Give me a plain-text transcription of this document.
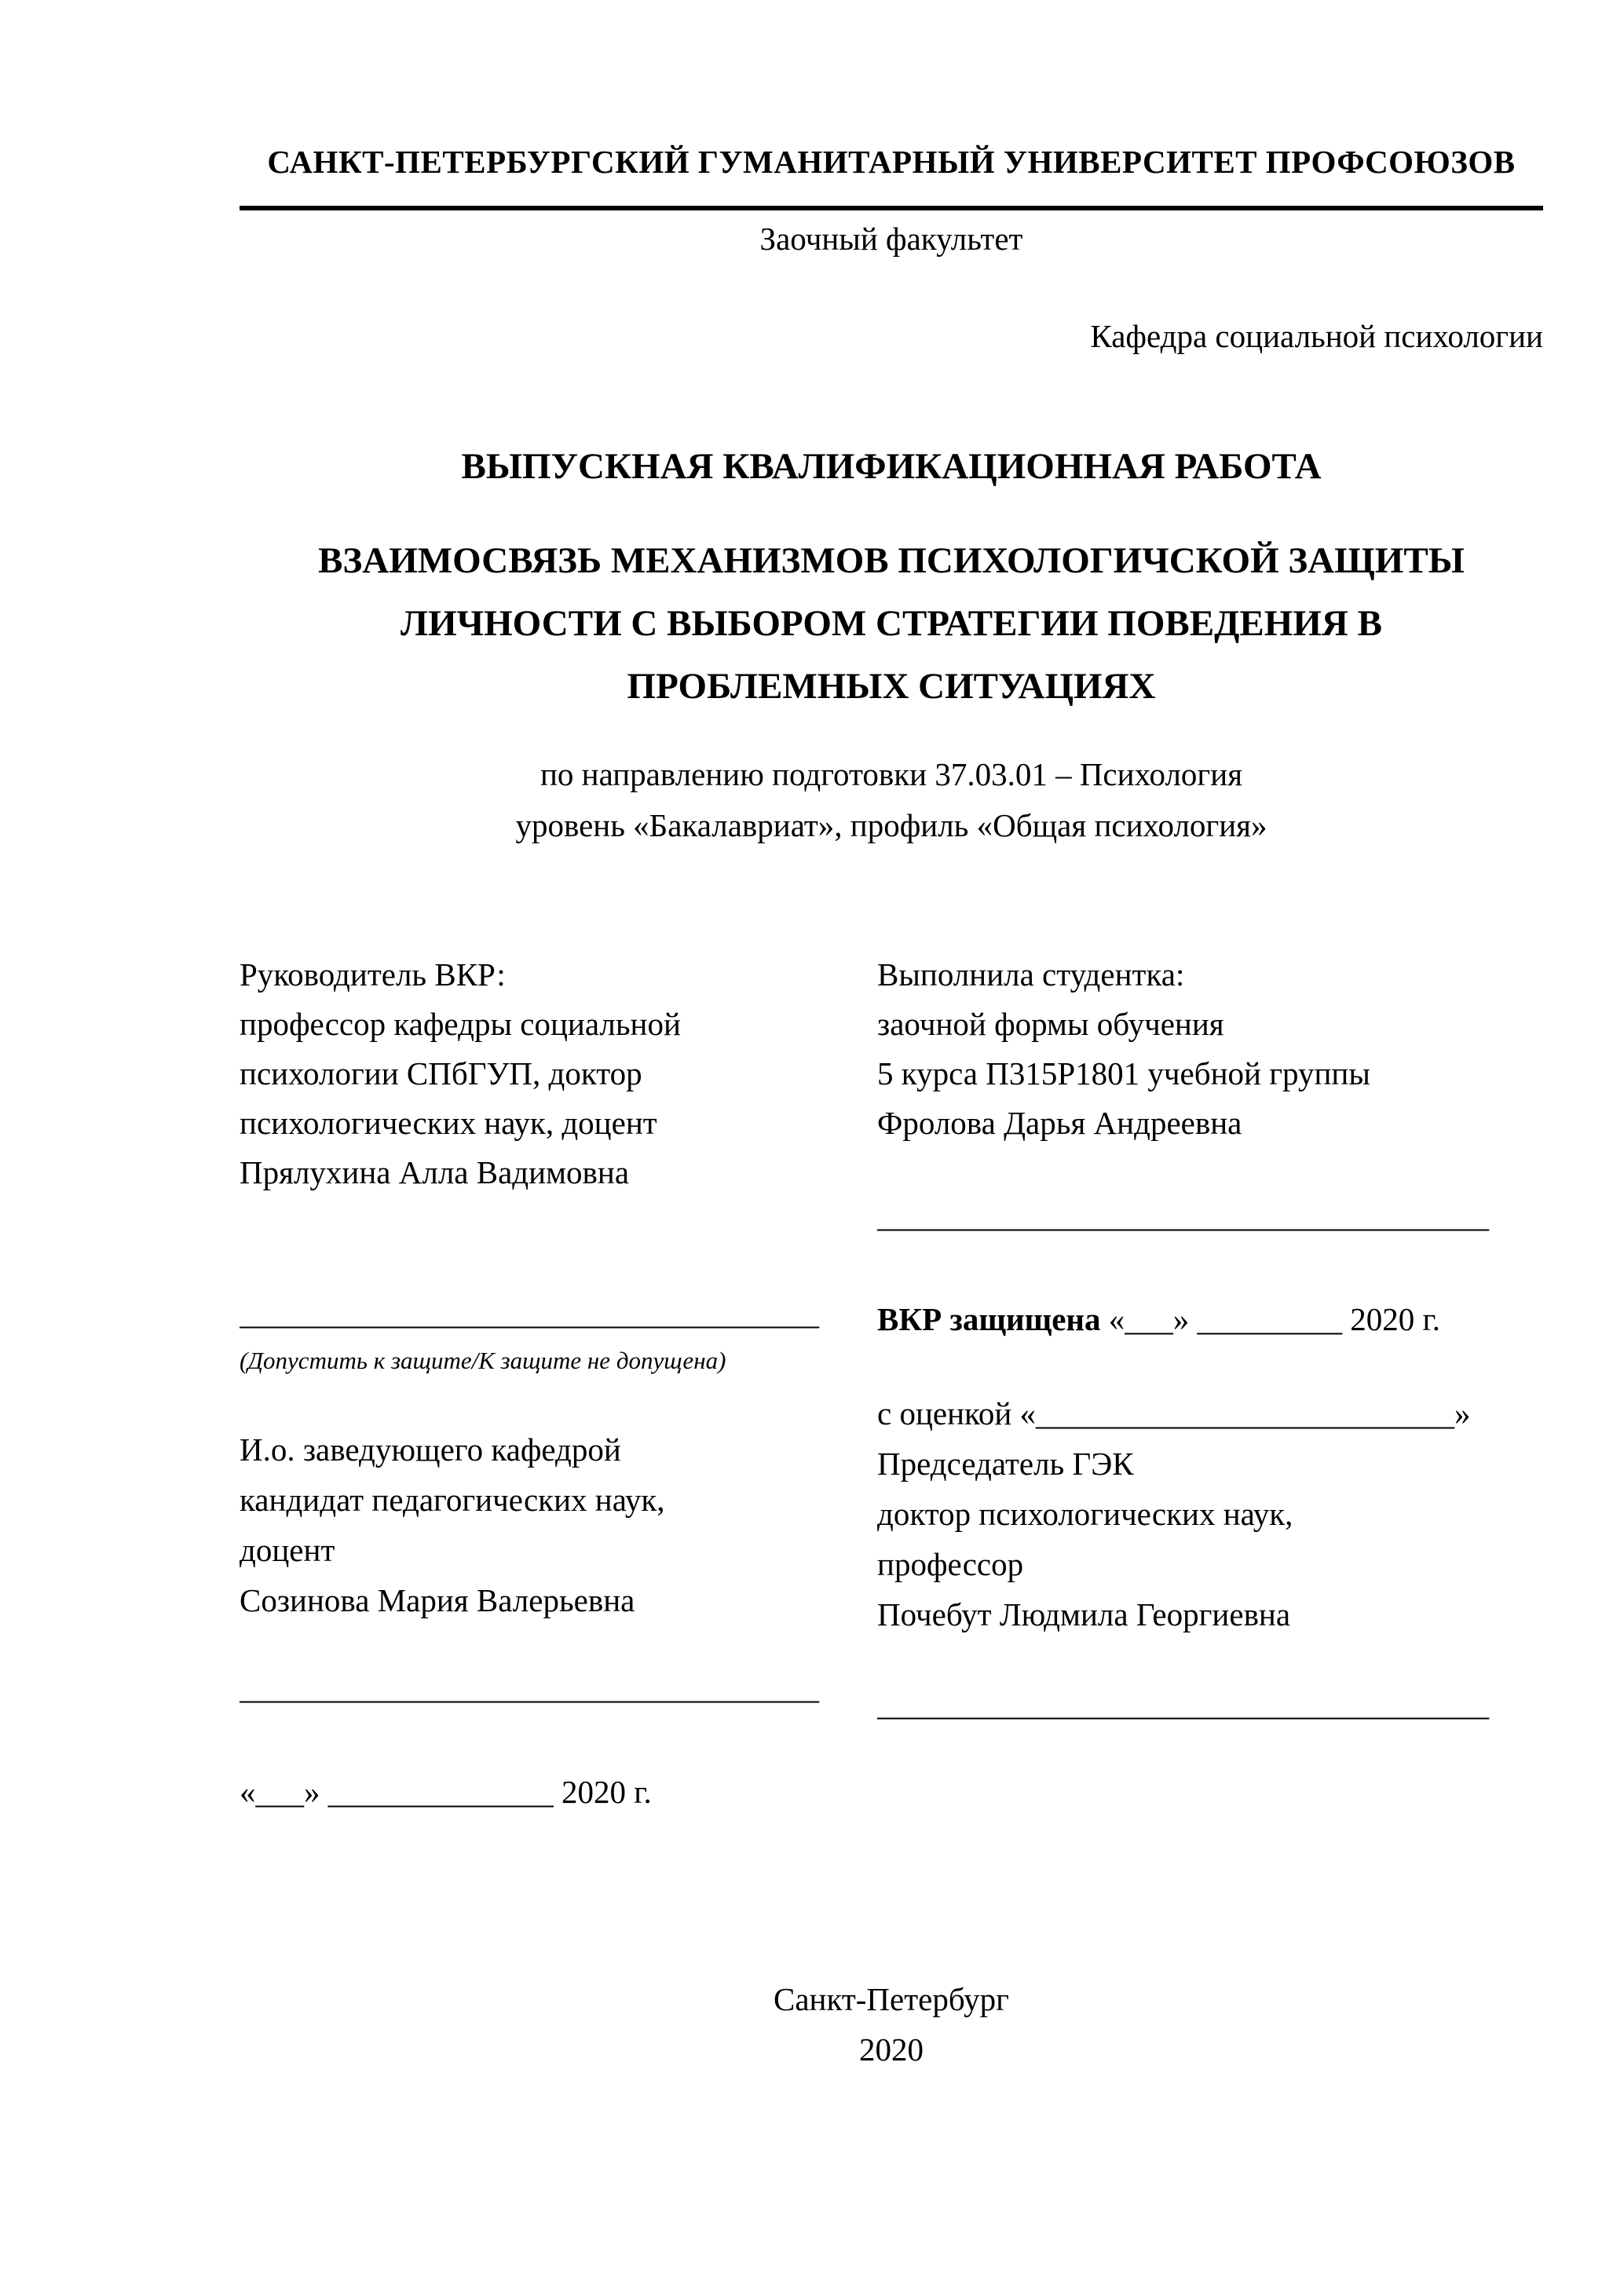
САНКТ-ПЕТЕРБУРГСКИЙ ГУМАНИТАРНЫЙ УНИВЕРСИТЕТ ПРОФСОЮЗОВ
Заочный факультет
Кафедра социальной психологии
ВЫПУСКНАЯ КВАЛИФИКАЦИОННАЯ РАБОТА
ВЗАИМОСВЯЗЬ МЕХАНИЗМОВ ПСИХОЛОГИЧСКОЙ ЗАЩИТЫ
ЛИЧНОСТИ С ВЫБОРОМ СТРАТЕГИИ ПОВЕДЕНИЯ В
ПРОБЛЕМНЫХ СИТУАЦИЯХ
по направлению подготовки 37.03.01 – Психология
уровень «Бакалавриат», профиль «Общая психология»
Руководитель ВКР:
профессор кафедры социальной
психологии СПбГУП, доктор
психологических наук, доцент
Прялухина Алла Вадимовна
____________________________________
(Допустить к защите/К защите не допущена)
И.о. заведующего кафедрой
кандидат педагогических наук,
доцент
Созинова Мария Валерьевна
____________________________________
«___» ______________ 2020 г.
Выполнила студентка:
заочной формы обучения
5 курса П315Р1801 учебной группы
Фролова Дарья Андреевна
______________________________________
ВКР защищена «___» _________ 2020 г.
с оценкой «__________________________»
Председатель ГЭК
доктор психологических наук,
профессор
Почебут Людмила Георгиевна
______________________________________
Санкт-Петербург
2020
